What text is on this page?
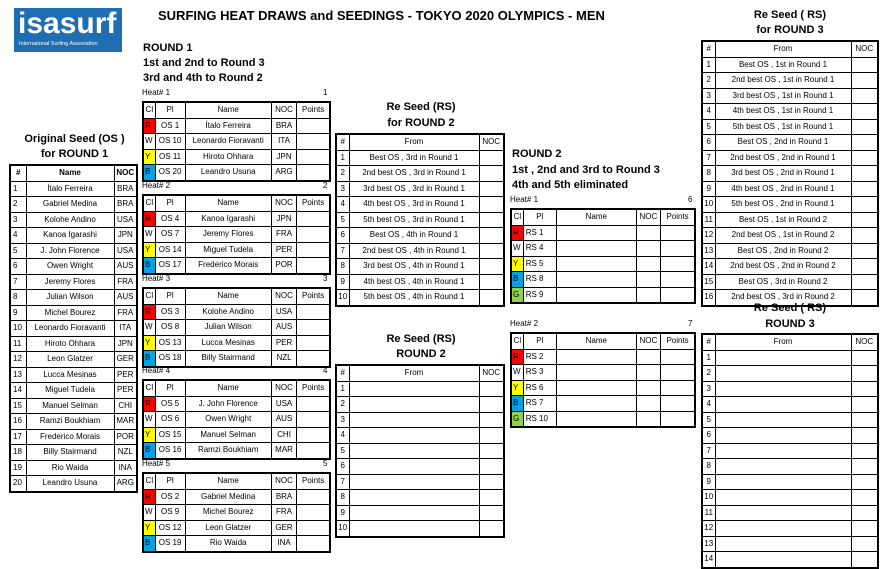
isasurf
International Surfing Association
SURFING HEAT DRAWS and SEEDINGS - TOKYO 2020 OLYMPICS - MEN
Original Seed (OS )
for ROUND 1
#	Name	NOC
1	Ítalo Ferreira	BRA
2	Gabriel Medina	BRA
3	Kolohe Andino	USA
4	Kanoa Igarashi	JPN
5	J. John Florence	USA
6	Owen Wright	AUS
7	Jeremy Flores	FRA
8	Julian Wilson	AUS
9	Michel Bourez	FRA
10	Leonardo Fioravanti	ITA
11	Hiroto Ohhara	JPN
12	Leon Glatzer	GER
13	Lucca Mesinas	PER
14	Miguel Tudela	PER
15	Manuel Selman	CHI
16	Ramzi Boukhiam	MAR
17	Frederico Morais	POR
18	Billy Stairmand	NZL
19	Rio Waida	INA
20	Leandro Usuna	ARG
ROUND 1
1st and 2nd to Round 3
3rd and 4th to Round 2
Heat# 1	1
Cl	Pl	Name	NOC	Points
R	OS 1	Ítalo Ferreira	BRA	
W	OS 10	Leonardo Fioravanti	ITA	
Y	OS 11	Hiroto Ohhara	JPN	
B	OS 20	Leandro Usuna	ARG	
Heat# 2	2
Cl	Pl	Name	NOC	Points
R	OS 4	Kanoa Igarashi	JPN	
W	OS 7	Jeremy Flores	FRA	
Y	OS 14	Miguel Tudela	PER	
B	OS 17	Frederico Morais	POR	
Heat# 3	3
Cl	Pl	Name	NOC	Points
R	OS 3	Kolohe Andino	USA	
W	OS 8	Julian Wilson	AUS	
Y	OS 13	Lucca Mesinas	PER	
B	OS 18	Billy Stairmand	NZL	
Heat# 4	4
Cl	Pl	Name	NOC	Points
R	OS 5	J. John Florence	USA	
W	OS 6	Owen Wright	AUS	
Y	OS 15	Manuel Selman	CHI	
B	OS 16	Ramzi Boukhiam	MAR	
Heat# 5	5
Cl	Pl	Name	NOC	Points
R	OS 2	Gabriel Medina	BRA	
W	OS 9	Michel Bourez	FRA	
Y	OS 12	Leon Glatzer	GER	
B	OS 19	Rio Waida	INA	
Re Seed (RS)
for ROUND 2
#	From	NOC
1	Best OS , 3rd in Round 1	
2	2nd best OS , 3rd in Round 1	
3	3rd best OS , 3rd in Round 1	
4	4th best OS , 3rd in Round 1	
5	5th best OS , 3rd in Round 1	
6	Best OS , 4th in Round 1	
7	2nd best OS , 4th in Round 1	
8	3rd best OS , 4th in Round 1	
9	4th best OS , 4th in Round 1	
10	5th best OS , 4th in Round 1	
Re Seed (RS)
ROUND 2
#	From	NOC
1		
2		
3		
4		
5		
6		
7		
8		
9		
10		
ROUND 2
1st , 2nd and 3rd to Round 3
4th and 5th eliminated
Heat# 1	6
Cl	Pl	Name	NOC	Points
R	RS 1			
W	RS 4			
Y	RS 5			
B	RS 8			
G	RS 9			
Heat# 2	7
Cl	Pl	Name	NOC	Points
R	RS 2			
W	RS 3			
Y	RS 6			
B	RS 7			
G	RS 10			
Re Seed ( RS)
for ROUND 3
#	From	NOC
1	Best OS , 1st in Round 1	
2	2nd best OS , 1st in Round 1	
3	3rd best OS , 1st in Round 1	
4	4th best OS , 1st in Round 1	
5	5th best OS , 1st in Round 1	
6	Best OS , 2nd in Round 1	
7	2nd best OS , 2nd in Round 1	
8	3rd best OS , 2nd in Round 1	
9	4th best OS , 2nd in Round 1	
10	5th best OS , 2nd in Round 1	
11	Best OS , 1st in Round 2	
12	2nd best OS , 1st in Round 2	
13	Best OS , 2nd in Round 2	
14	2nd best OS , 2nd in Round 2	
15	Best OS , 3rd in Round 2	
16	2nd best OS , 3rd in Round 2	
Re Seed ( RS)
ROUND 3
#	From	NOC
1		
2		
3		
4		
5		
6		
7		
8		
9		
10		
11		
12		
13		
14		
